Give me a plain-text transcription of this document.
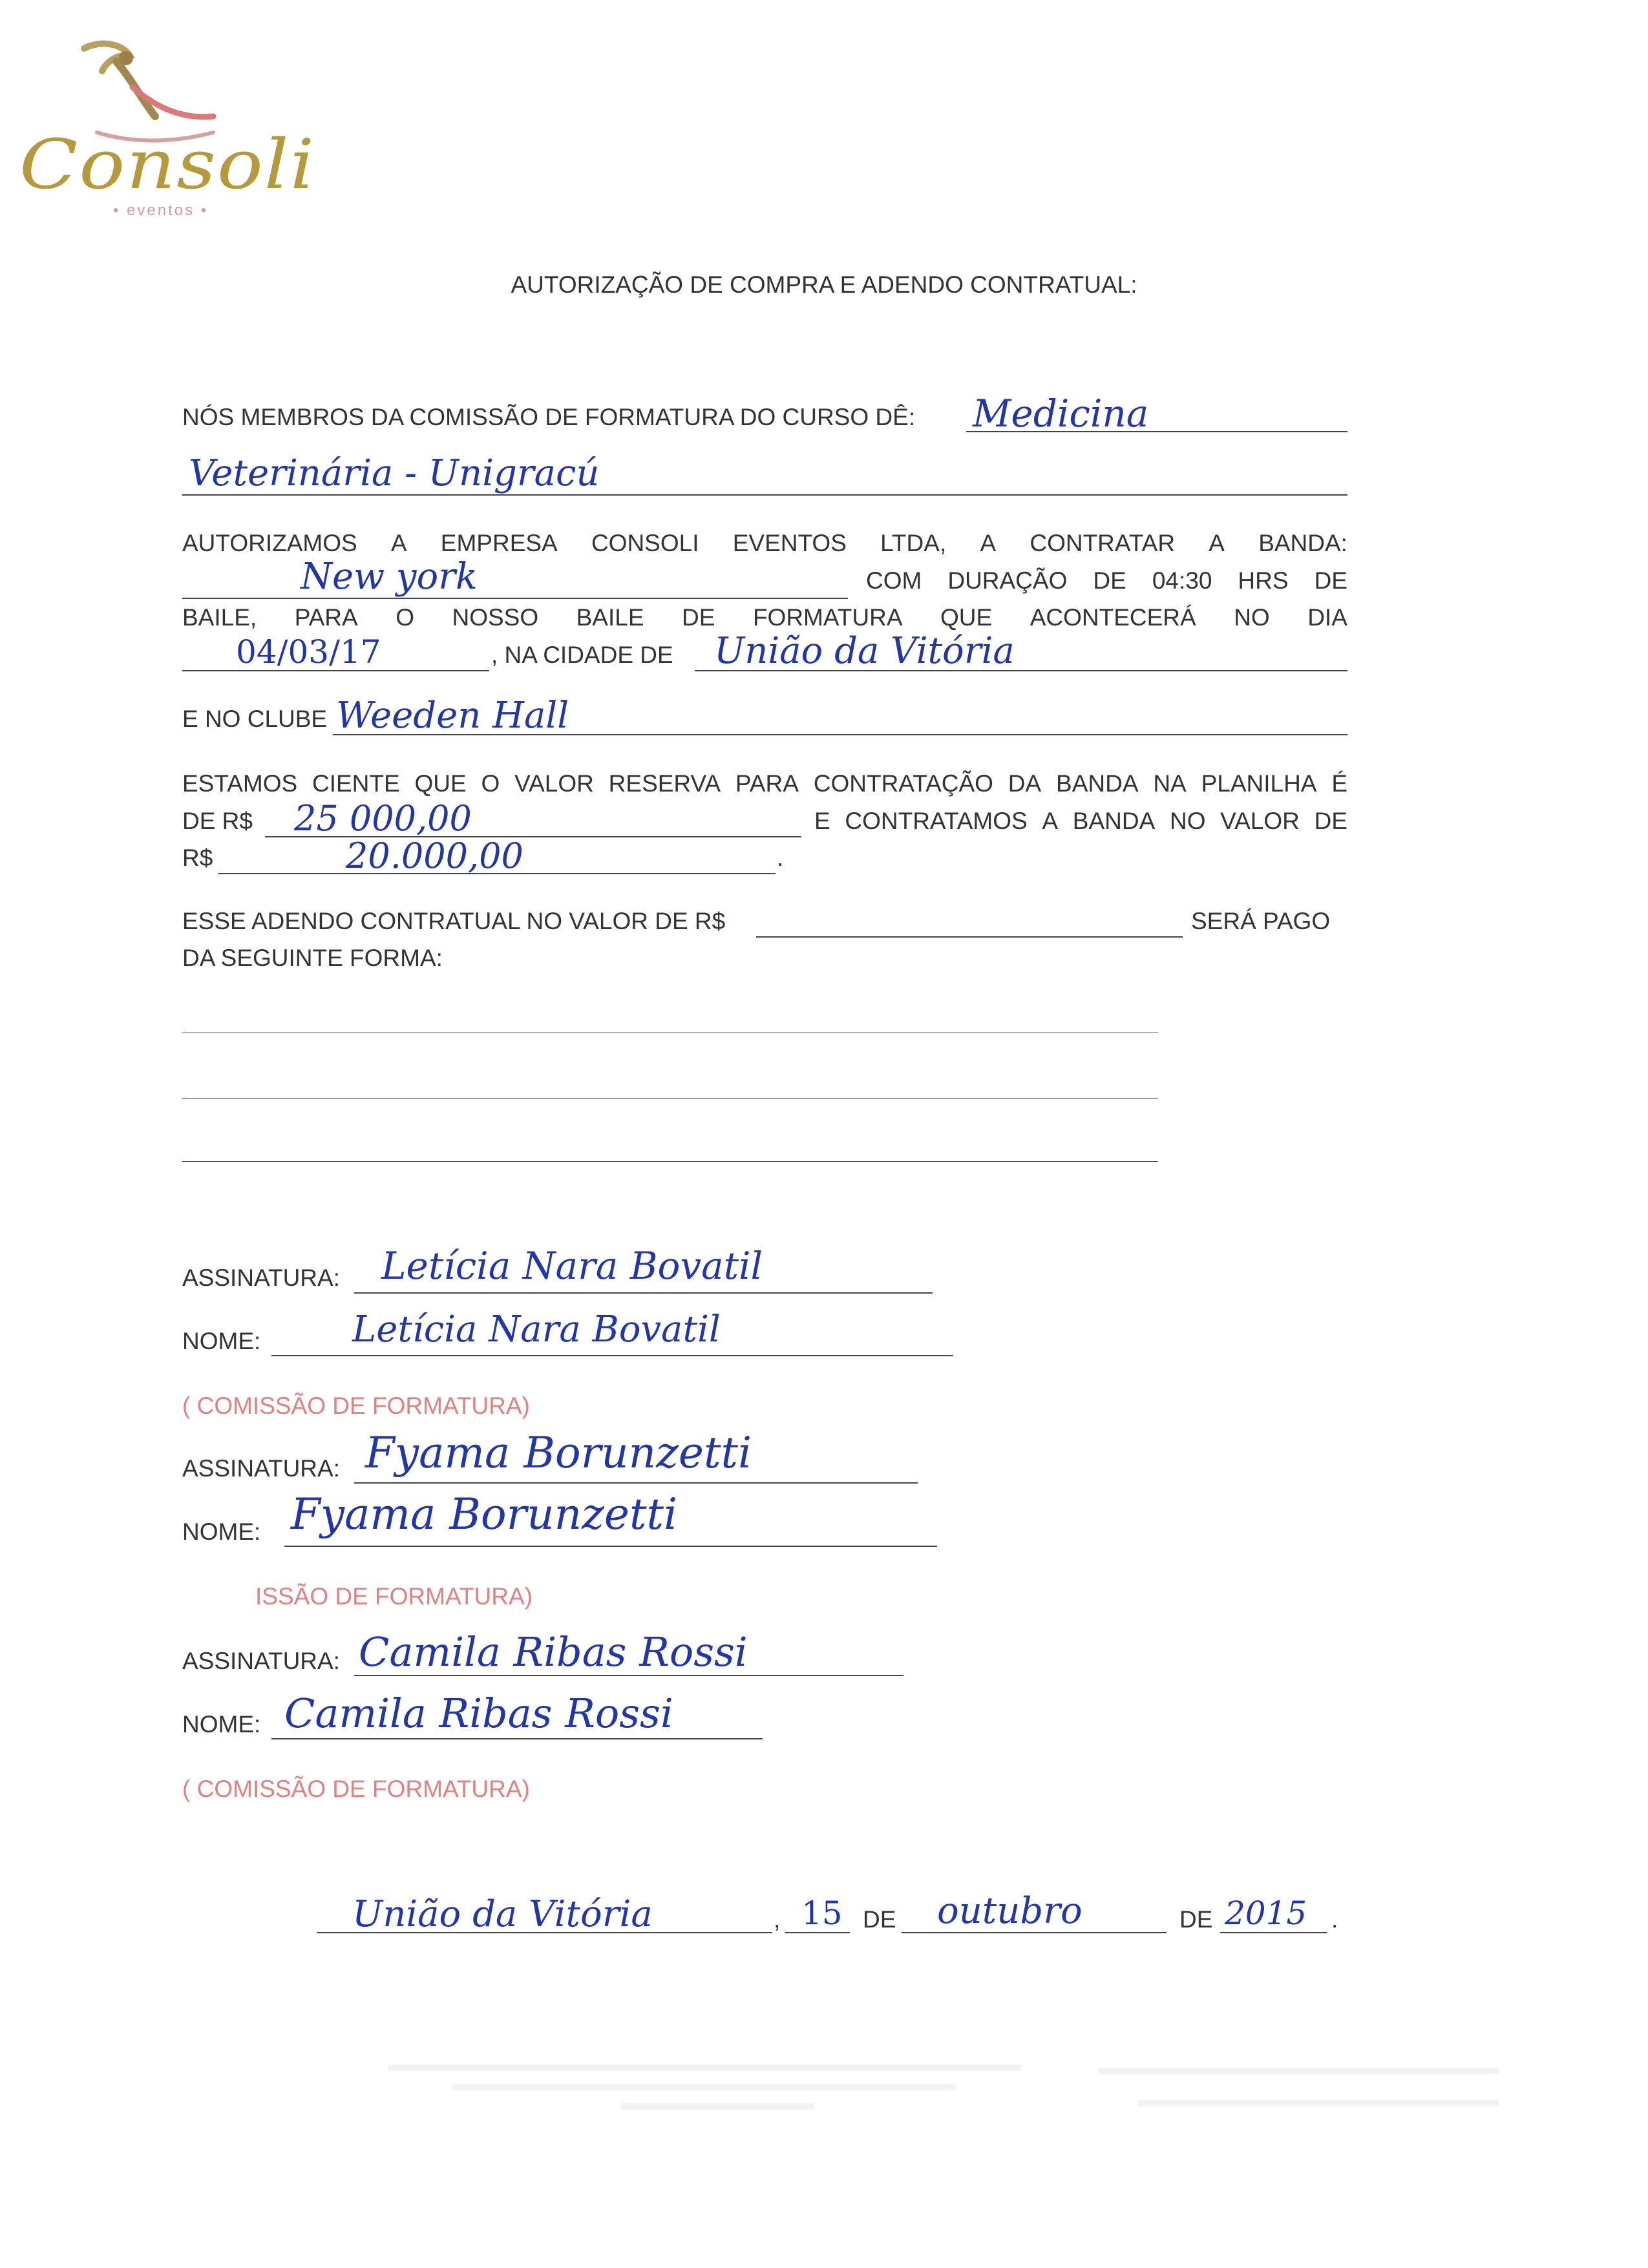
Consoli
• eventos •
AUTORIZAÇÃO DE COMPRA E ADENDO CONTRATUAL:
NÓS MEMBROS DA COMISSÃO DE FORMATURA DO CURSO DÊ: Medicina
Veterinária - Unigracú
AUTORIZAMOS A EMPRESA CONSOLI EVENTOS LTDA, A CONTRATAR A BANDA:
New york	COM DURAÇÃO DE 04:30 HRS DE
BAILE, PARA O NOSSO BAILE DE FORMATURA QUE ACONTECERÁ NO DIA
04/03/17	, NA CIDADE DE União da Vitória
E NO CLUBE Weeden Hall
ESTAMOS CIENTE QUE O VALOR RESERVA PARA CONTRATAÇÃO DA BANDA NA PLANILHA É
DE R$ 25 000,00	E CONTRATAMOS A BANDA NO VALOR DE
R$	20.000,00	.
ESSE ADENDO CONTRATUAL NO VALOR DE R$	SERÁ PAGO
DA SEGUINTE FORMA:
ASSINATURA: Letícia Nara Bovatil
NOME:	Letícia Nara Bovatil
( COMISSÃO DE FORMATURA)
ASSINATURA: Fyama Borunzetti
NOME: Fyama Borunzetti
ISSÃO DE FORMATURA)
ASSINATURA: Camila Ribas Rossi
NOME: Camila Ribas Rossi
( COMISSÃO DE FORMATURA)
União da Vitória	, 15 DE outubro	DE 2015 .
